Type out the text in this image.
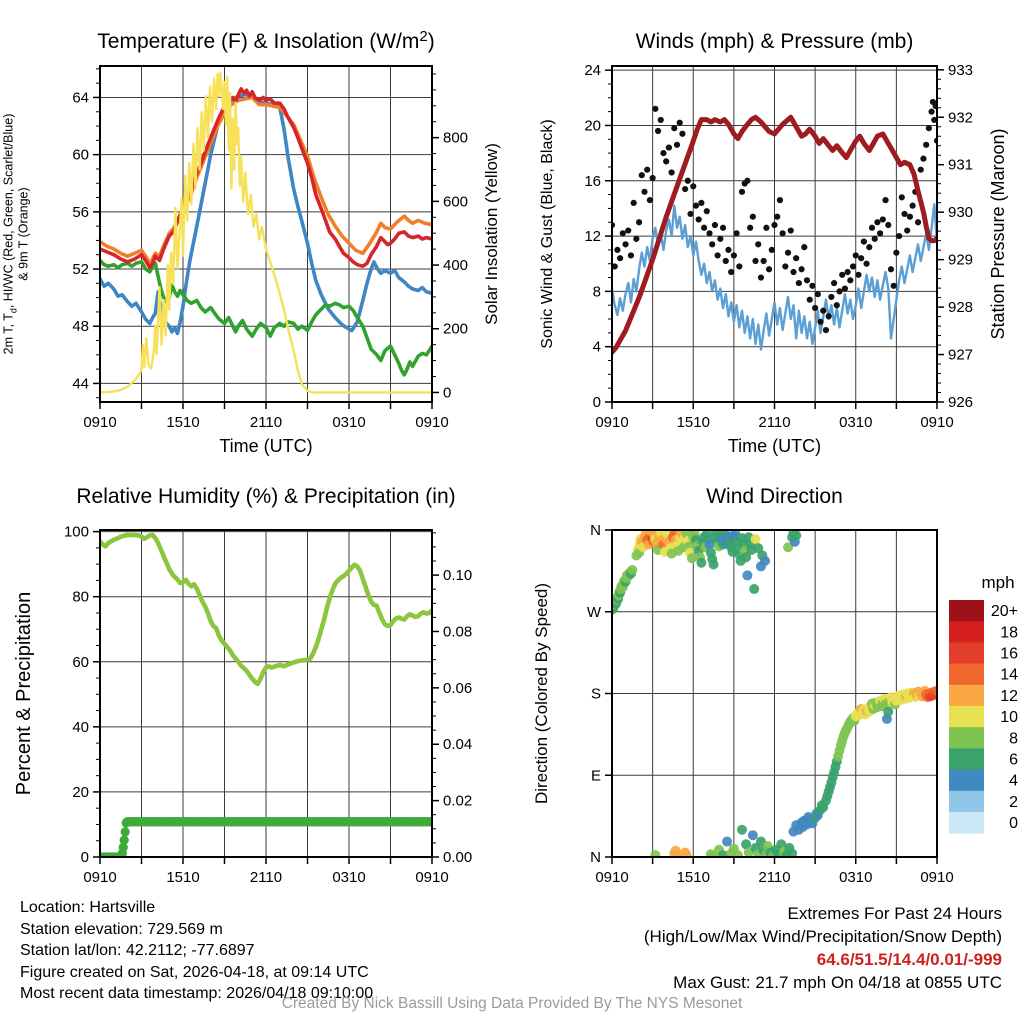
0910	1510	2110	0310	0910
Time (UTC)
44
48
52
56
60
64
2m T, $T_d$, HI/WC (Red, Green, Scarlet/Blue) & 9m T (Orange)
0
200
400
600
800
Solar Insolation (Yellow)
Temperature (F) & Insolation $(W/m^2)$
0910	1510	2110	0310	0910
Time (UTC)
0
4
8
12
16
20
24
Sonic Wind & Gust (Blue, Black)
926
927
928
929
930
931
932
933
Station Pressure (Maroon)
Winds (mph) & Pressure (mb)
0910	1510	2110	0310	0910
0
20
40
60
80
100
Percent & Precipitation
0.00
0.02
0.04
0.06
0.08
0.10
Relative Humidity (%) & Precipitation (in)
0910	1510	2110	0310	0910
N
W
S
E
N
Direction (Colored By Speed)
Wind Direction
mph
20+
18
16
14
12
10
8
6
4
2
0
Location: Hartsville
Station elevation: 729.569 m
Station lat/lon: 42.2112; -77.6897
Figure created on Sat, 2026-04-18, at 09:14 UTC
Most recent data timestamp: 2026/04/18 09:10:00
Extremes For Past 24 Hours
(High/Low/Max Wind/Precipitation/Snow Depth)
64.6/51.5/14.4/0.01/-999
Max Gust: 21.7 mph On 04/18 at 0855 UTC
Created By Nick Bassill Using Data Provided By The NYS Mesonet
